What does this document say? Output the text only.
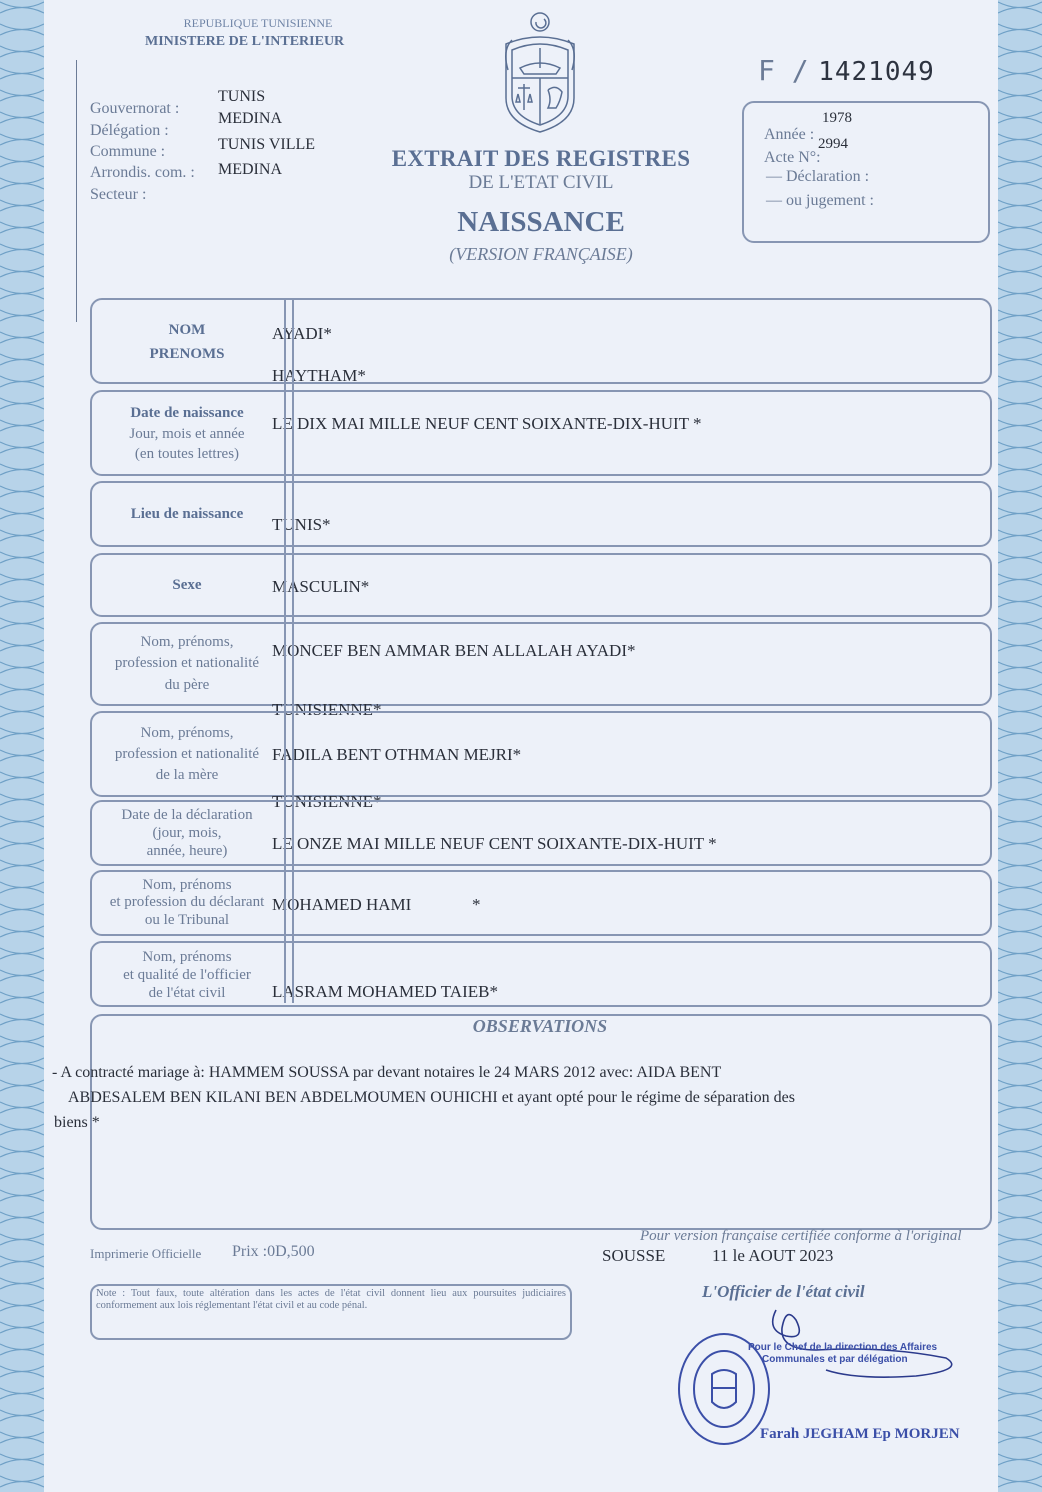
REPUBLIQUE TUNISIENNE
MINISTERE DE L'INTERIEUR
Gouvernorat :
TUNIS
Délégation :
MEDINA
Commune :	TUNIS VILLE
Arrondis. com. : MEDINA
Secteur :
EXTRAIT DES REGISTRES
DE L'ETAT CIVIL
NAISSANCE
(VERSION FRANÇAISE)
F / 1421049
Année :
1978
Acte N°:
2994
— Déclaration :
— ou jugement :
NOM
PRENOMS
AYADI*
HAYTHAM*
Date de naissance
Jour, mois et année
(en toutes lettres)
LE DIX MAI MILLE NEUF CENT SOIXANTE-DIX-HUIT *
Lieu de naissance
TUNIS*
Sexe	MASCULIN*
Nom, prénoms,
profession et nationalité
du père
MONCEF BEN AMMAR BEN ALLALAH AYADI*
TUNISIENNE*
Nom, prénoms,
profession et nationalité
de la mère
FADILA BENT OTHMAN MEJRI*
TUNISIENNE*
Date de la déclaration
(jour, mois,
année, heure)	LE ONZE MAI MILLE NEUF CENT SOIXANTE-DIX-HUIT *
Nom, prénoms
et profession du déclarant
ou le Tribunal
MOHAMED HAMI	*
Nom, prénoms
et qualité de l'officier
de l'état civil	LASRAM MOHAMED TAIEB*
OBSERVATIONS
- A contracté mariage à: HAMMEM SOUSSA par devant notaires le 24 MARS 2012 avec: AIDA BENT
ABDESALEM BEN KILANI BEN ABDELMOUMEN OUHICHI et ayant opté pour le régime de séparation des
biens *
Imprimerie Officielle Prix :0D,500
Pour version française certifiée conforme à l'original
SOUSSE	11 le AOUT 2023
Note : Tout faux, toute altération dans les actes de l'état civil donnent lieu aux poursuites judiciaires conformement aux lois réglementant l'état civil et au code pénal.
L'Officier de l'état civil
Pour le Chef de la direction des Affaires
Communales et par délégation
Farah JEGHAM Ep MORJEN
